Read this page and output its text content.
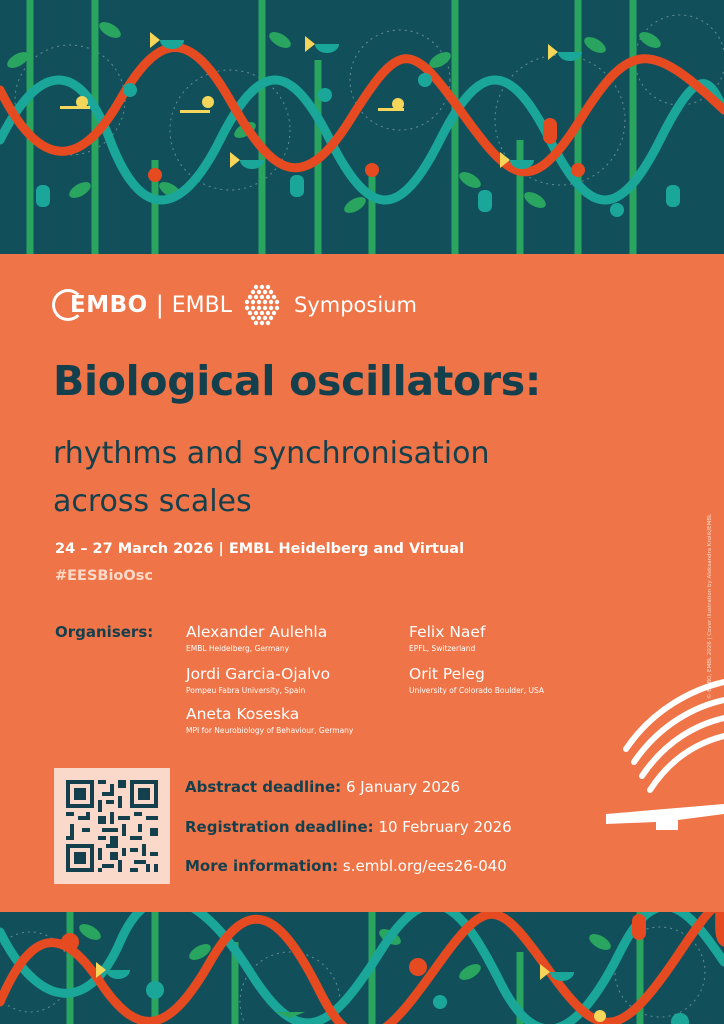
EMBO | EMBL	Symposium
Biological oscillators:
rhythms and synchronisation
across scales
24 – 27 March 2026 | EMBL Heidelberg and Virtual
#EESBioOsc
Organisers: Alexander Aulehla
EMBL Heidelberg, Germany
Jordi Garcia-Ojalvo
Pompeu Fabra University, Spain
Aneta Koseska
MPI for Neurobiology of Behaviour, Germany
Felix Naef
EPFL, Switzerland
Orit Peleg
University of Colorado Boulder, USA
Abstract deadline: 6 January 2026
Registration deadline: 10 February 2026
More information: s.embl.org/ees26-040
© EMBO, EMBL 2026 | Cover illustration by Aleksandra Krolik/EMBL
